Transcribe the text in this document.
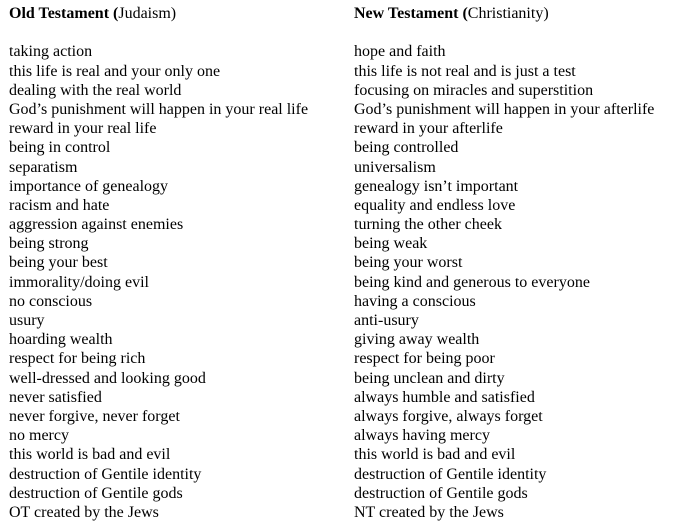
Old Testament (Judaism)
taking action
this life is real and your only one
dealing with the real world
God’s punishment will happen in your real life
reward in your real life
being in control
separatism
importance of genealogy
racism and hate
aggression against enemies
being strong
being your best
immorality/doing evil
no conscious
usury
hoarding wealth
respect for being rich
well-dressed and looking good
never satisfied
never forgive, never forget
no mercy
this world is bad and evil
destruction of Gentile identity
destruction of Gentile gods
OT created by the Jews
New Testament (Christianity)
hope and faith
this life is not real and is just a test
focusing on miracles and superstition
God’s punishment will happen in your afterlife
reward in your afterlife
being controlled
universalism
genealogy isn’t important
equality and endless love
turning the other cheek
being weak
being your worst
being kind and generous to everyone
having a conscious
anti-usury
giving away wealth
respect for being poor
being unclean and dirty
always humble and satisfied
always forgive, always forget
always having mercy
this world is bad and evil
destruction of Gentile identity
destruction of Gentile gods
NT created by the Jews
